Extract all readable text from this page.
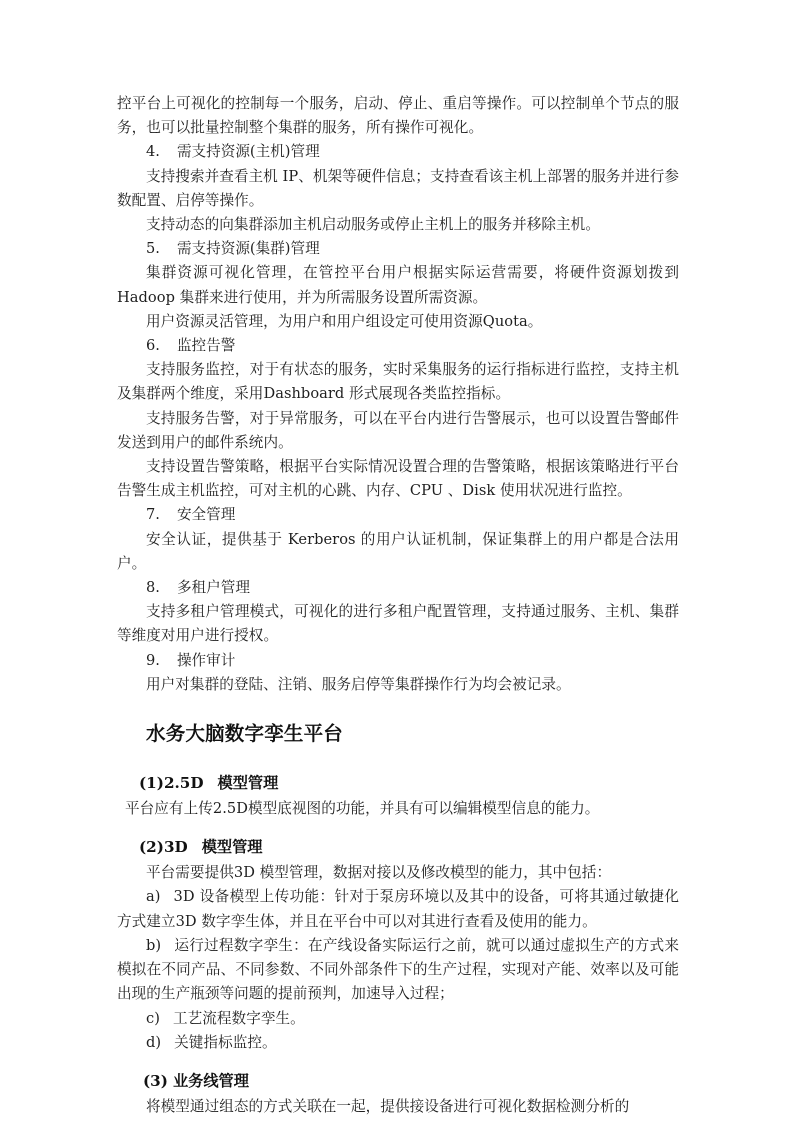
控平台上可视化的控制每一个服务，启动、停止、重启等操作。可以控制单个节点的服务，也可以批量控制整个集群的服务，所有操作可视化。

4. 需支持资源(主机)管理

支持搜索并查看主机 IP、机架等硬件信息；支持查看该主机上部署的服务并进行参数配置、启停等操作。

支持动态的向集群添加主机启动服务或停止主机上的服务并移除主机。

5. 需支持资源(集群)管理

集群资源可视化管理，在管控平台用户根据实际运营需要，将硬件资源划拨到Hadoop 集群来进行使用，并为所需服务设置所需资源。

用户资源灵活管理，为用户和用户组设定可使用资源Quota。

6. 监控告警

支持服务监控，对于有状态的服务，实时采集服务的运行指标进行监控，支持主机及集群两个维度，采用Dashboard 形式展现各类监控指标。

支持服务告警，对于异常服务，可以在平台内进行告警展示，也可以设置告警邮件发送到用户的邮件系统内。

支持设置告警策略，根据平台实际情况设置合理的告警策略，根据该策略进行平台告警生成主机监控，可对主机的心跳、内存、CPU 、Disk 使用状况进行监控。

7. 安全管理

安全认证，提供基于 Kerberos 的用户认证机制，保证集群上的用户都是合法用户。

8. 多租户管理

支持多租户管理模式，可视化的进行多租户配置管理，支持通过服务、主机、集群等维度对用户进行授权。

9. 操作审计

用户对集群的登陆、注销、服务启停等集群操作行为均会被记录。

水务大脑数字孪生平台
(1)2.5D 模型管理

平台应有上传2.5D模型底视图的功能，并具有可以编辑模型信息的能力。

(2)3D 模型管理

平台需要提供3D 模型管理，数据对接以及修改模型的能力，其中包括：

a) 3D 设备模型上传功能：针对于泵房环境以及其中的设备，可将其通过敏捷化方式建立3D 数字孪生体，并且在平台中可以对其进行查看及使用的能力。

b) 运行过程数字孪生：在产线设备实际运行之前，就可以通过虚拟生产的方式来模拟在不同产品、不同参数、不同外部条件下的生产过程，实现对产能、效率以及可能出现的生产瓶颈等问题的提前预判，加速导入过程；

c) 工艺流程数字孪生。

d) 关键指标监控。

(3) 业务线管理

将模型通过组态的方式关联在一起，提供接设备进行可视化数据检测分析的
